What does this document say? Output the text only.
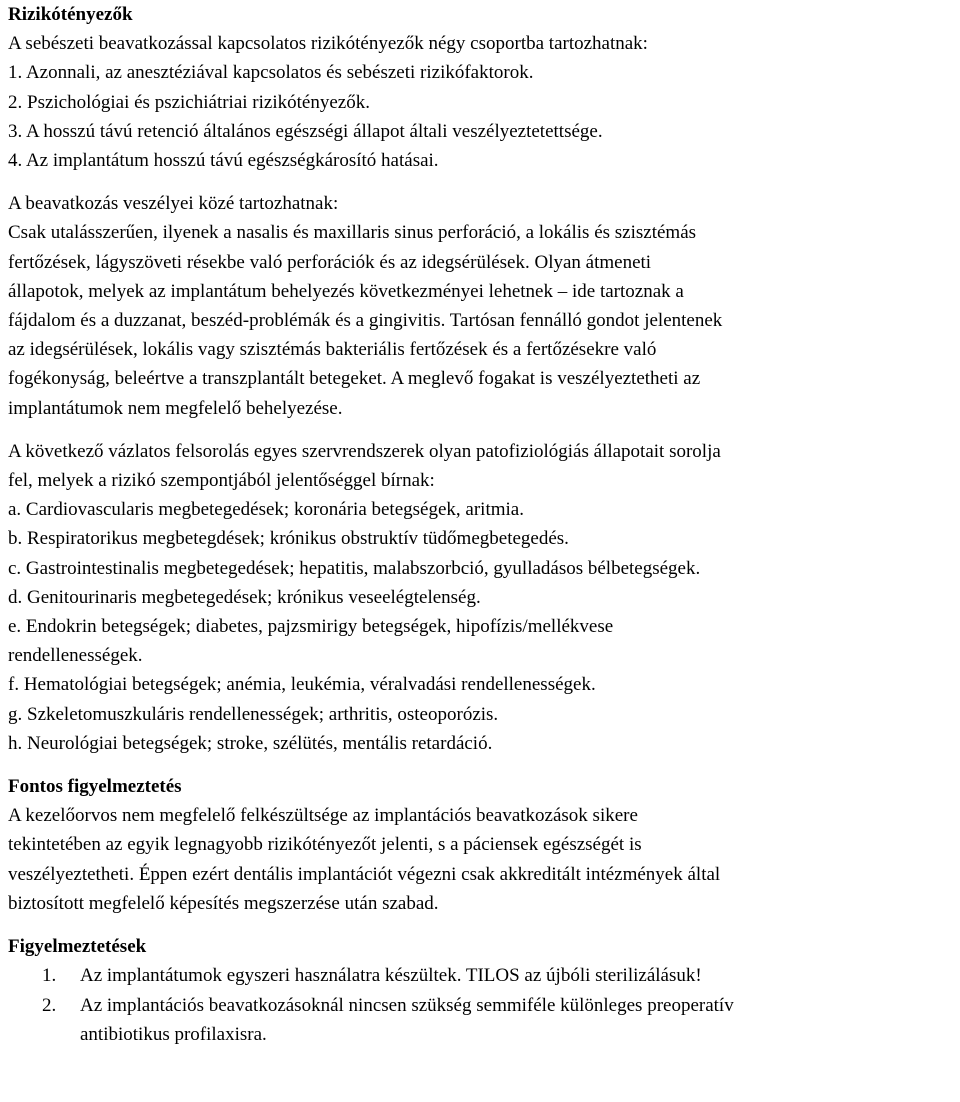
Rizikótényezők
A sebészeti beavatkozással kapcsolatos rizikótényezők négy csoportba tartozhatnak:
1. Azonnali, az anesztéziával kapcsolatos és sebészeti rizikófaktorok.
2. Pszichológiai és pszichiátriai rizikótényezők.
3. A hosszú távú retenció általános egészségi állapot általi veszélyeztetettsége.
4. Az implantátum hosszú távú egészségkárosító hatásai.
A beavatkozás veszélyei közé tartozhatnak:
Csak utalásszerűen, ilyenek a nasalis és maxillaris sinus perforáció, a lokális és szisztémás
fertőzések, lágyszöveti résekbe való perforációk és az idegsérülések. Olyan átmeneti
állapotok, melyek az implantátum behelyezés következményei lehetnek – ide tartoznak a
fájdalom és a duzzanat, beszéd-problémák és a gingivitis. Tartósan fennálló gondot jelentenek
az idegsérülések, lokális vagy szisztémás bakteriális fertőzések és a fertőzésekre való
fogékonyság, beleértve a transzplantált betegeket. A meglevő fogakat is veszélyeztetheti az
implantátumok nem megfelelő behelyezése.
A következő vázlatos felsorolás egyes szervrendszerek olyan patofiziológiás állapotait sorolja
fel, melyek a rizikó szempontjából jelentőséggel bírnak:
a. Cardiovascularis megbetegedések; koronária betegségek, aritmia.
b. Respiratorikus megbetegdések; krónikus obstruktív tüdőmegbetegedés.
c. Gastrointestinalis megbetegedések; hepatitis, malabszorbció, gyulladásos bélbetegségek.
d. Genitourinaris megbetegedések; krónikus veseelégtelenség.
e. Endokrin betegségek; diabetes, pajzsmirigy betegségek, hipofízis/mellékvese
rendellenességek.
f. Hematológiai betegségek; anémia, leukémia, véralvadási rendellenességek.
g. Szkeletomuszkuláris rendellenességek; arthritis, osteoporózis.
h. Neurológiai betegségek; stroke, szélütés, mentális retardáció.
Fontos figyelmeztetés
A kezelőorvos nem megfelelő felkészültsége az implantációs beavatkozások sikere
tekintetében az egyik legnagyobb rizikótényezőt jelenti, s a páciensek egészségét is
veszélyeztetheti. Éppen ezért dentális implantációt végezni csak akkreditált intézmények által
biztosított megfelelő képesítés megszerzése után szabad.
Figyelmeztetések
1.	Az implantátumok egyszeri használatra készültek. TILOS az újbóli sterilizálásuk!
2.	Az implantációs beavatkozásoknál nincsen szükség semmiféle különleges preoperatív
antibiotikus profilaxisra.
